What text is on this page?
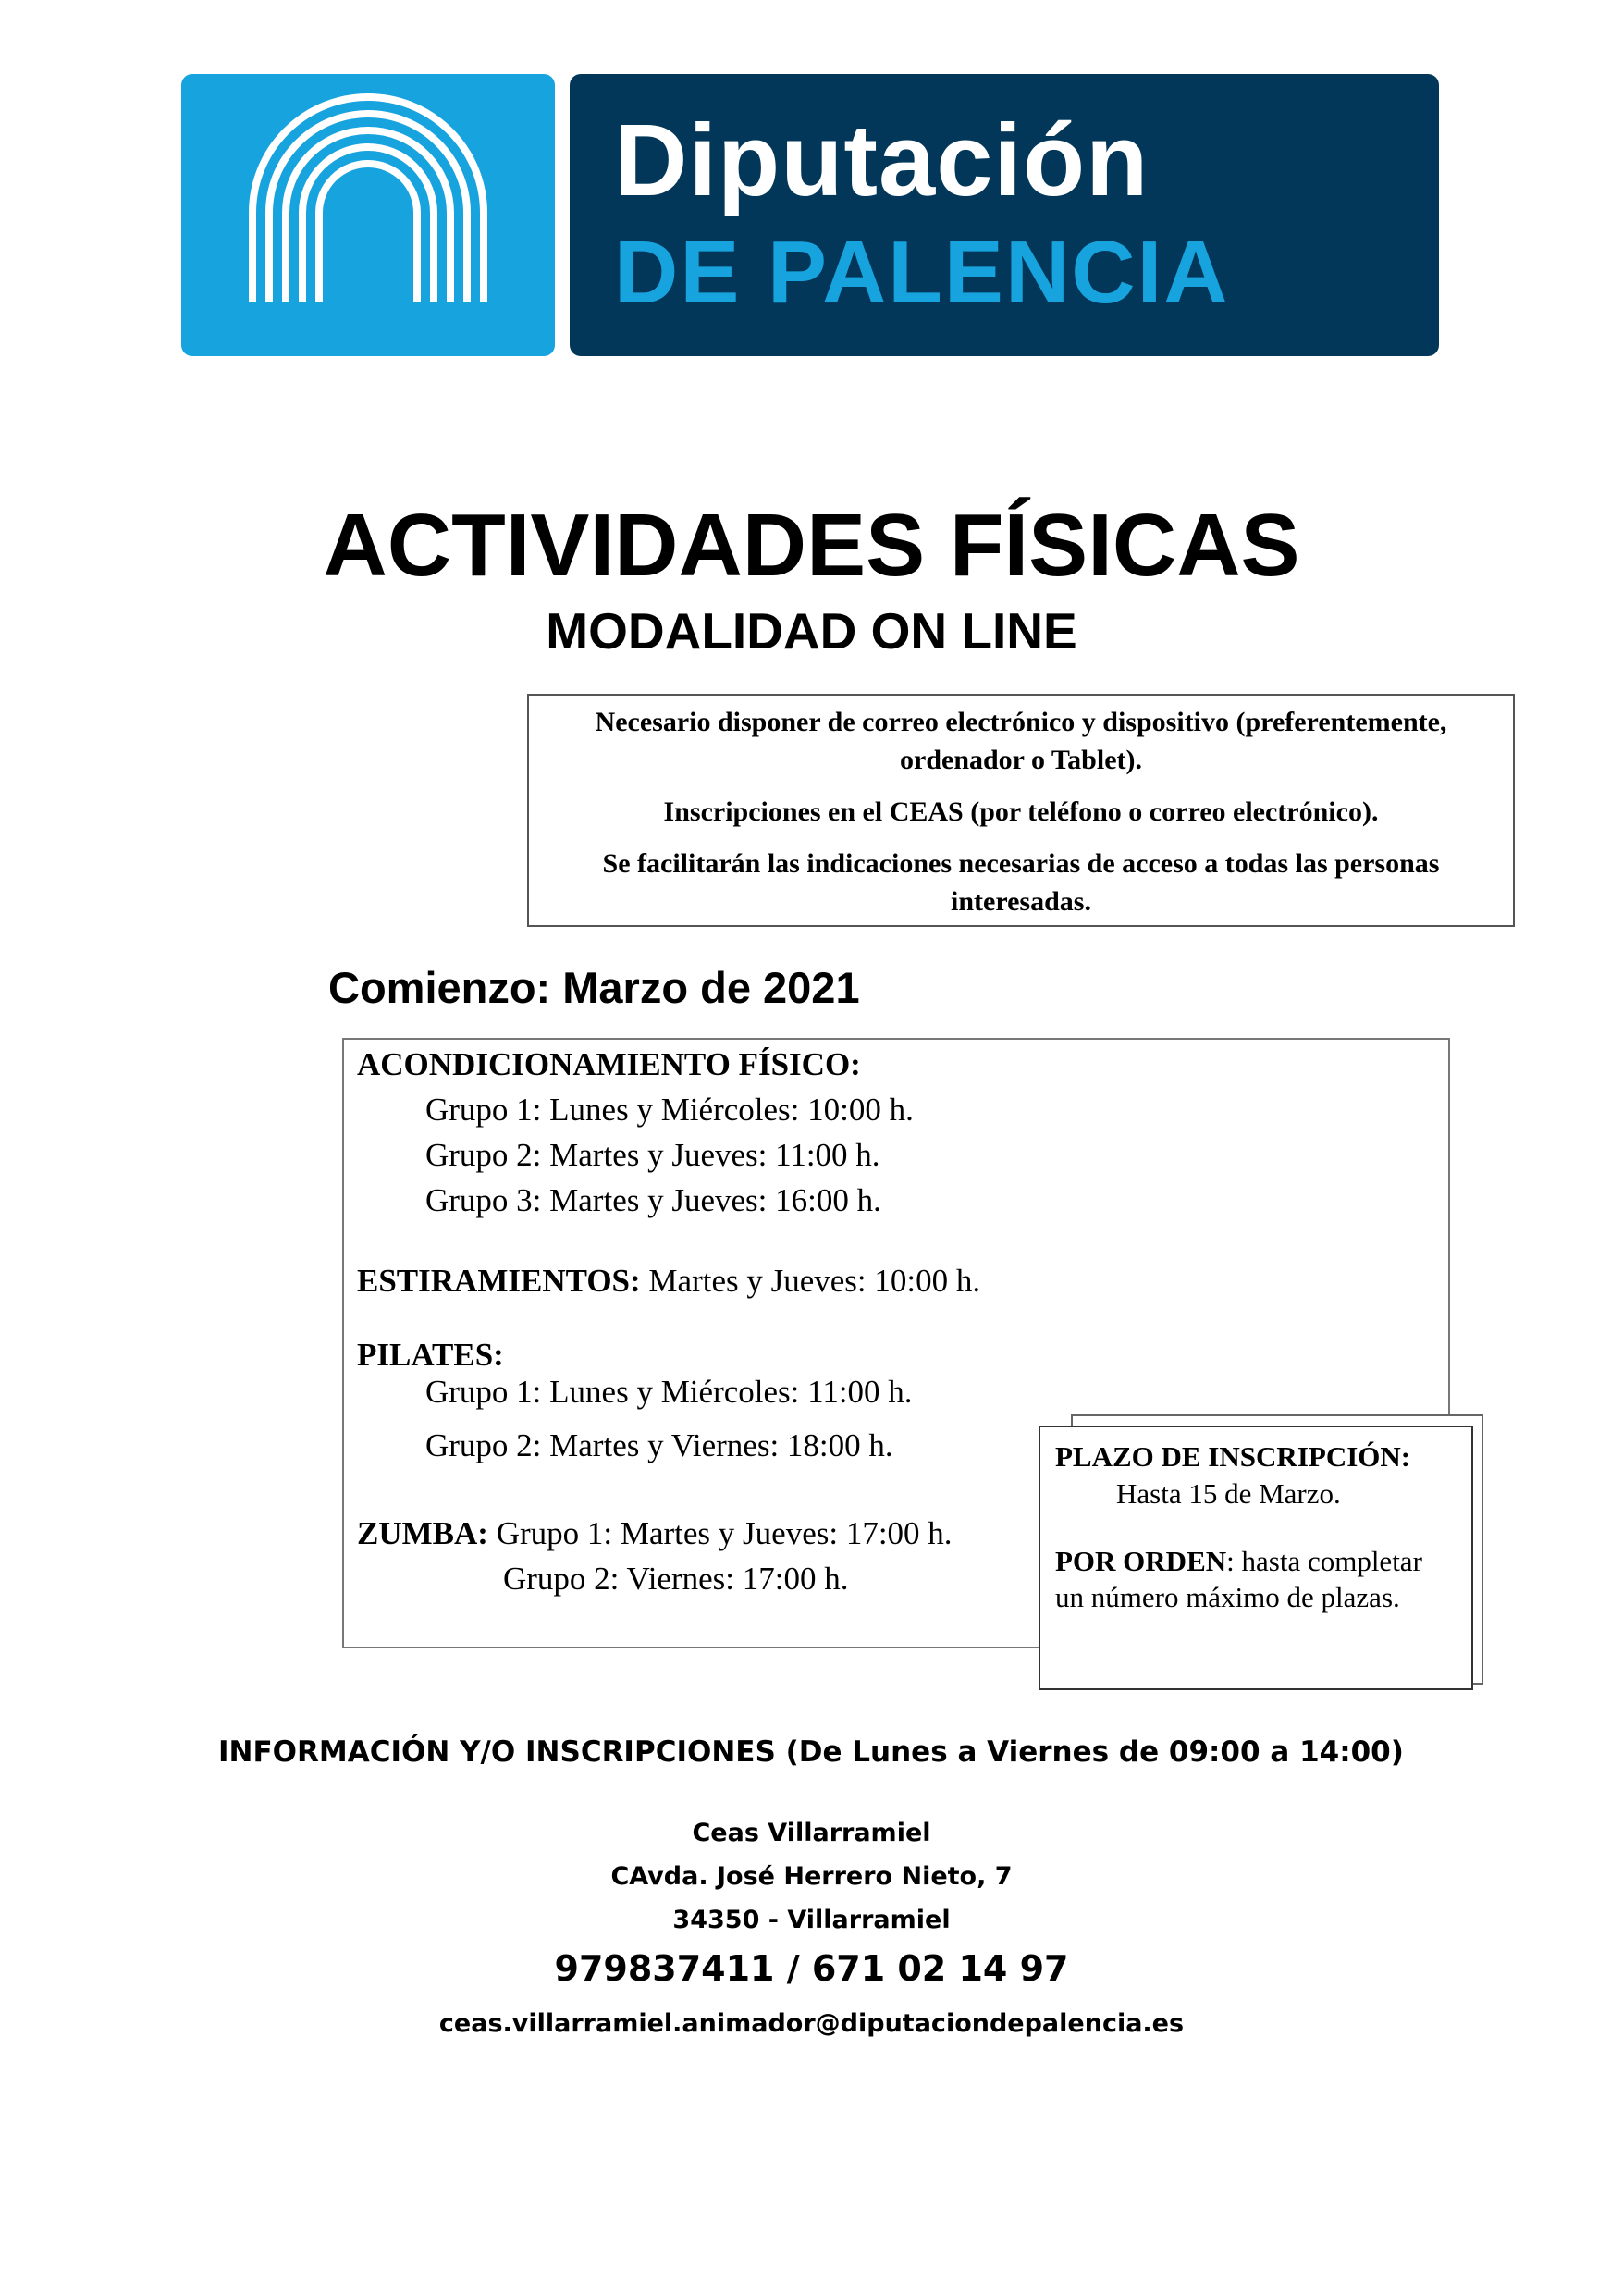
Diputación
DE PALENCIA
ACTIVIDADES FÍSICAS
MODALIDAD ON LINE

Necesario disponer de correo electrónico y dispositivo (preferentemente,
ordenador o Tablet).

Inscripciones en el CEAS (por teléfono o correo electrónico).

Se facilitarán las indicaciones necesarias de acceso a todas las personas
interesadas.

Comienzo: Marzo de 2021
ACONDICIONAMIENTO FÍSICO:
Grupo 1: Lunes y Miércoles: 10:00 h.
Grupo 2: Martes y Jueves: 11:00 h.
Grupo 3: Martes y Jueves: 16:00 h.
ESTIRAMIENTOS: Martes y Jueves: 10:00 h.
PILATES:
Grupo 1: Lunes y Miércoles: 11:00 h.
Grupo 2: Martes y Viernes: 18:00 h.
ZUMBA: Grupo 1: Martes y Jueves: 17:00 h.
Grupo 2: Viernes: 17:00 h.
PLAZO DE INSCRIPCIÓN:
Hasta 15 de Marzo.
POR ORDEN: hasta completar
un número máximo de plazas.
INFORMACIÓN Y/O INSCRIPCIONES (De Lunes a Viernes de 09:00 a 14:00)
Ceas Villarramiel
CAvda. José Herrero Nieto, 7
34350 - Villarramiel
979837411 / 671 02 14 97
ceas.villarramiel.animador@diputaciondepalencia.es
